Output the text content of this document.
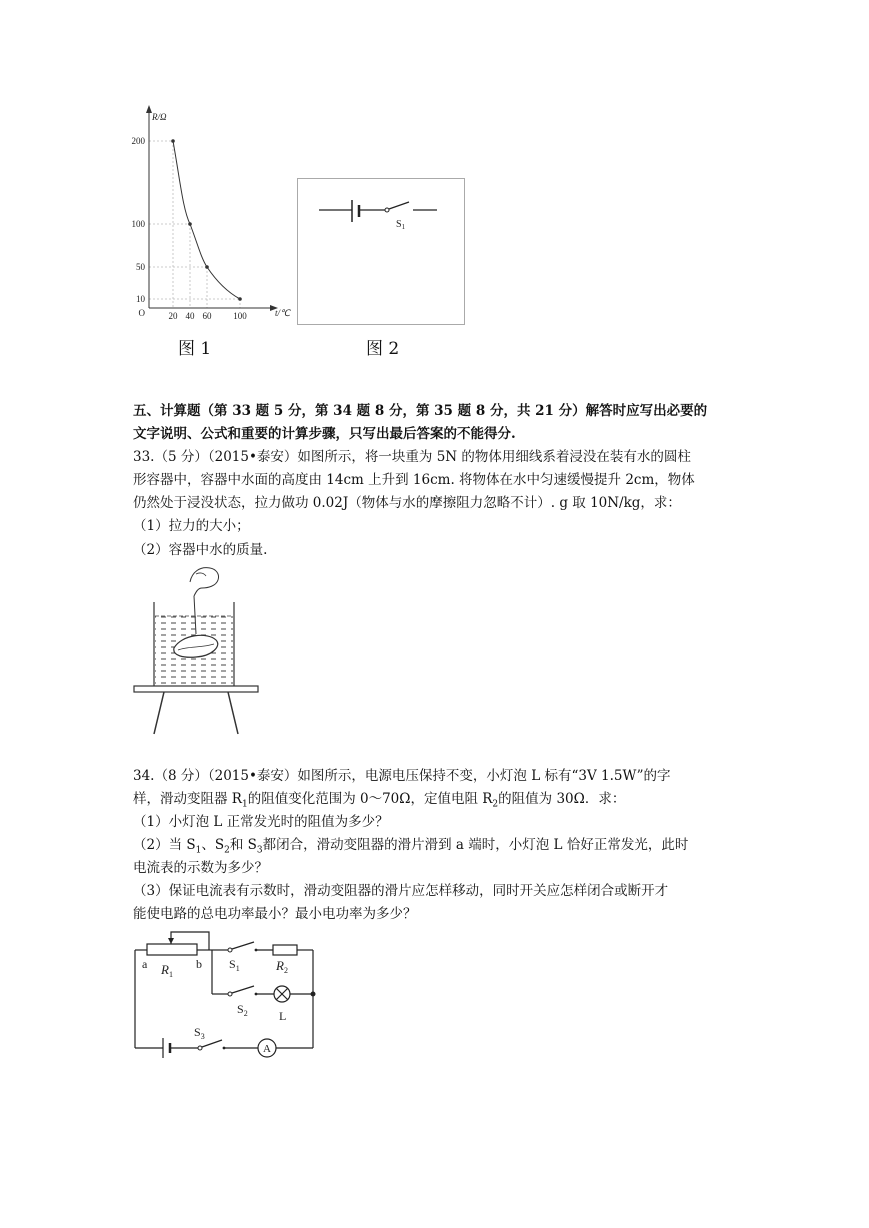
R/Ω
200
100
50
10
O	20 40 60 100	t/℃
图 1
$S_1$
图 2
五、计算题（第 33 题 5 分，第 34 题 8 分，第 35 题 8 分，共 21 分）解答时应写出必要的
文字说明、公式和重要的计算步骤，只写出最后答案的不能得分.
33.（5 分）（2015•泰安）如图所示，将一块重为 5N 的物体用细线系着浸没在装有水的圆柱
形容器中，容器中水面的高度由 14cm 上升到 16cm. 将物体在水中匀速缓慢提升 2cm，物体
仍然处于浸没状态，拉力做功 0.02J（物体与水的摩擦阻力忽略不计）. g 取 10N/kg，求：
（1）拉力的大小；
（2）容器中水的质量.
34.（8 分）（2015•泰安）如图所示，电源电压保持不变，小灯泡 L 标有“3V 1.5W”的字
样，滑动变阻器 $R_1$的阻值变化范围为 0～70Ω，定值电阻 $R_2$的阻值为 30Ω．求：
（1）小灯泡 L 正常发光时的阻值为多少？
（2）当 $S_1$、$S_2$和 $S_3$都闭合，滑动变阻器的滑片滑到 a 端时，小灯泡 L 恰好正常发光，此时
电流表的示数为多少？
（3）保证电流表有示数时，滑动变阻器的滑片应怎样移动，同时开关应怎样闭合或断开才
能使电路的总电功率最小？最小电功率为多少？
a	b
$R_1$
$S_1$	$R_2$
$S_2$	L
$S_3$
A
